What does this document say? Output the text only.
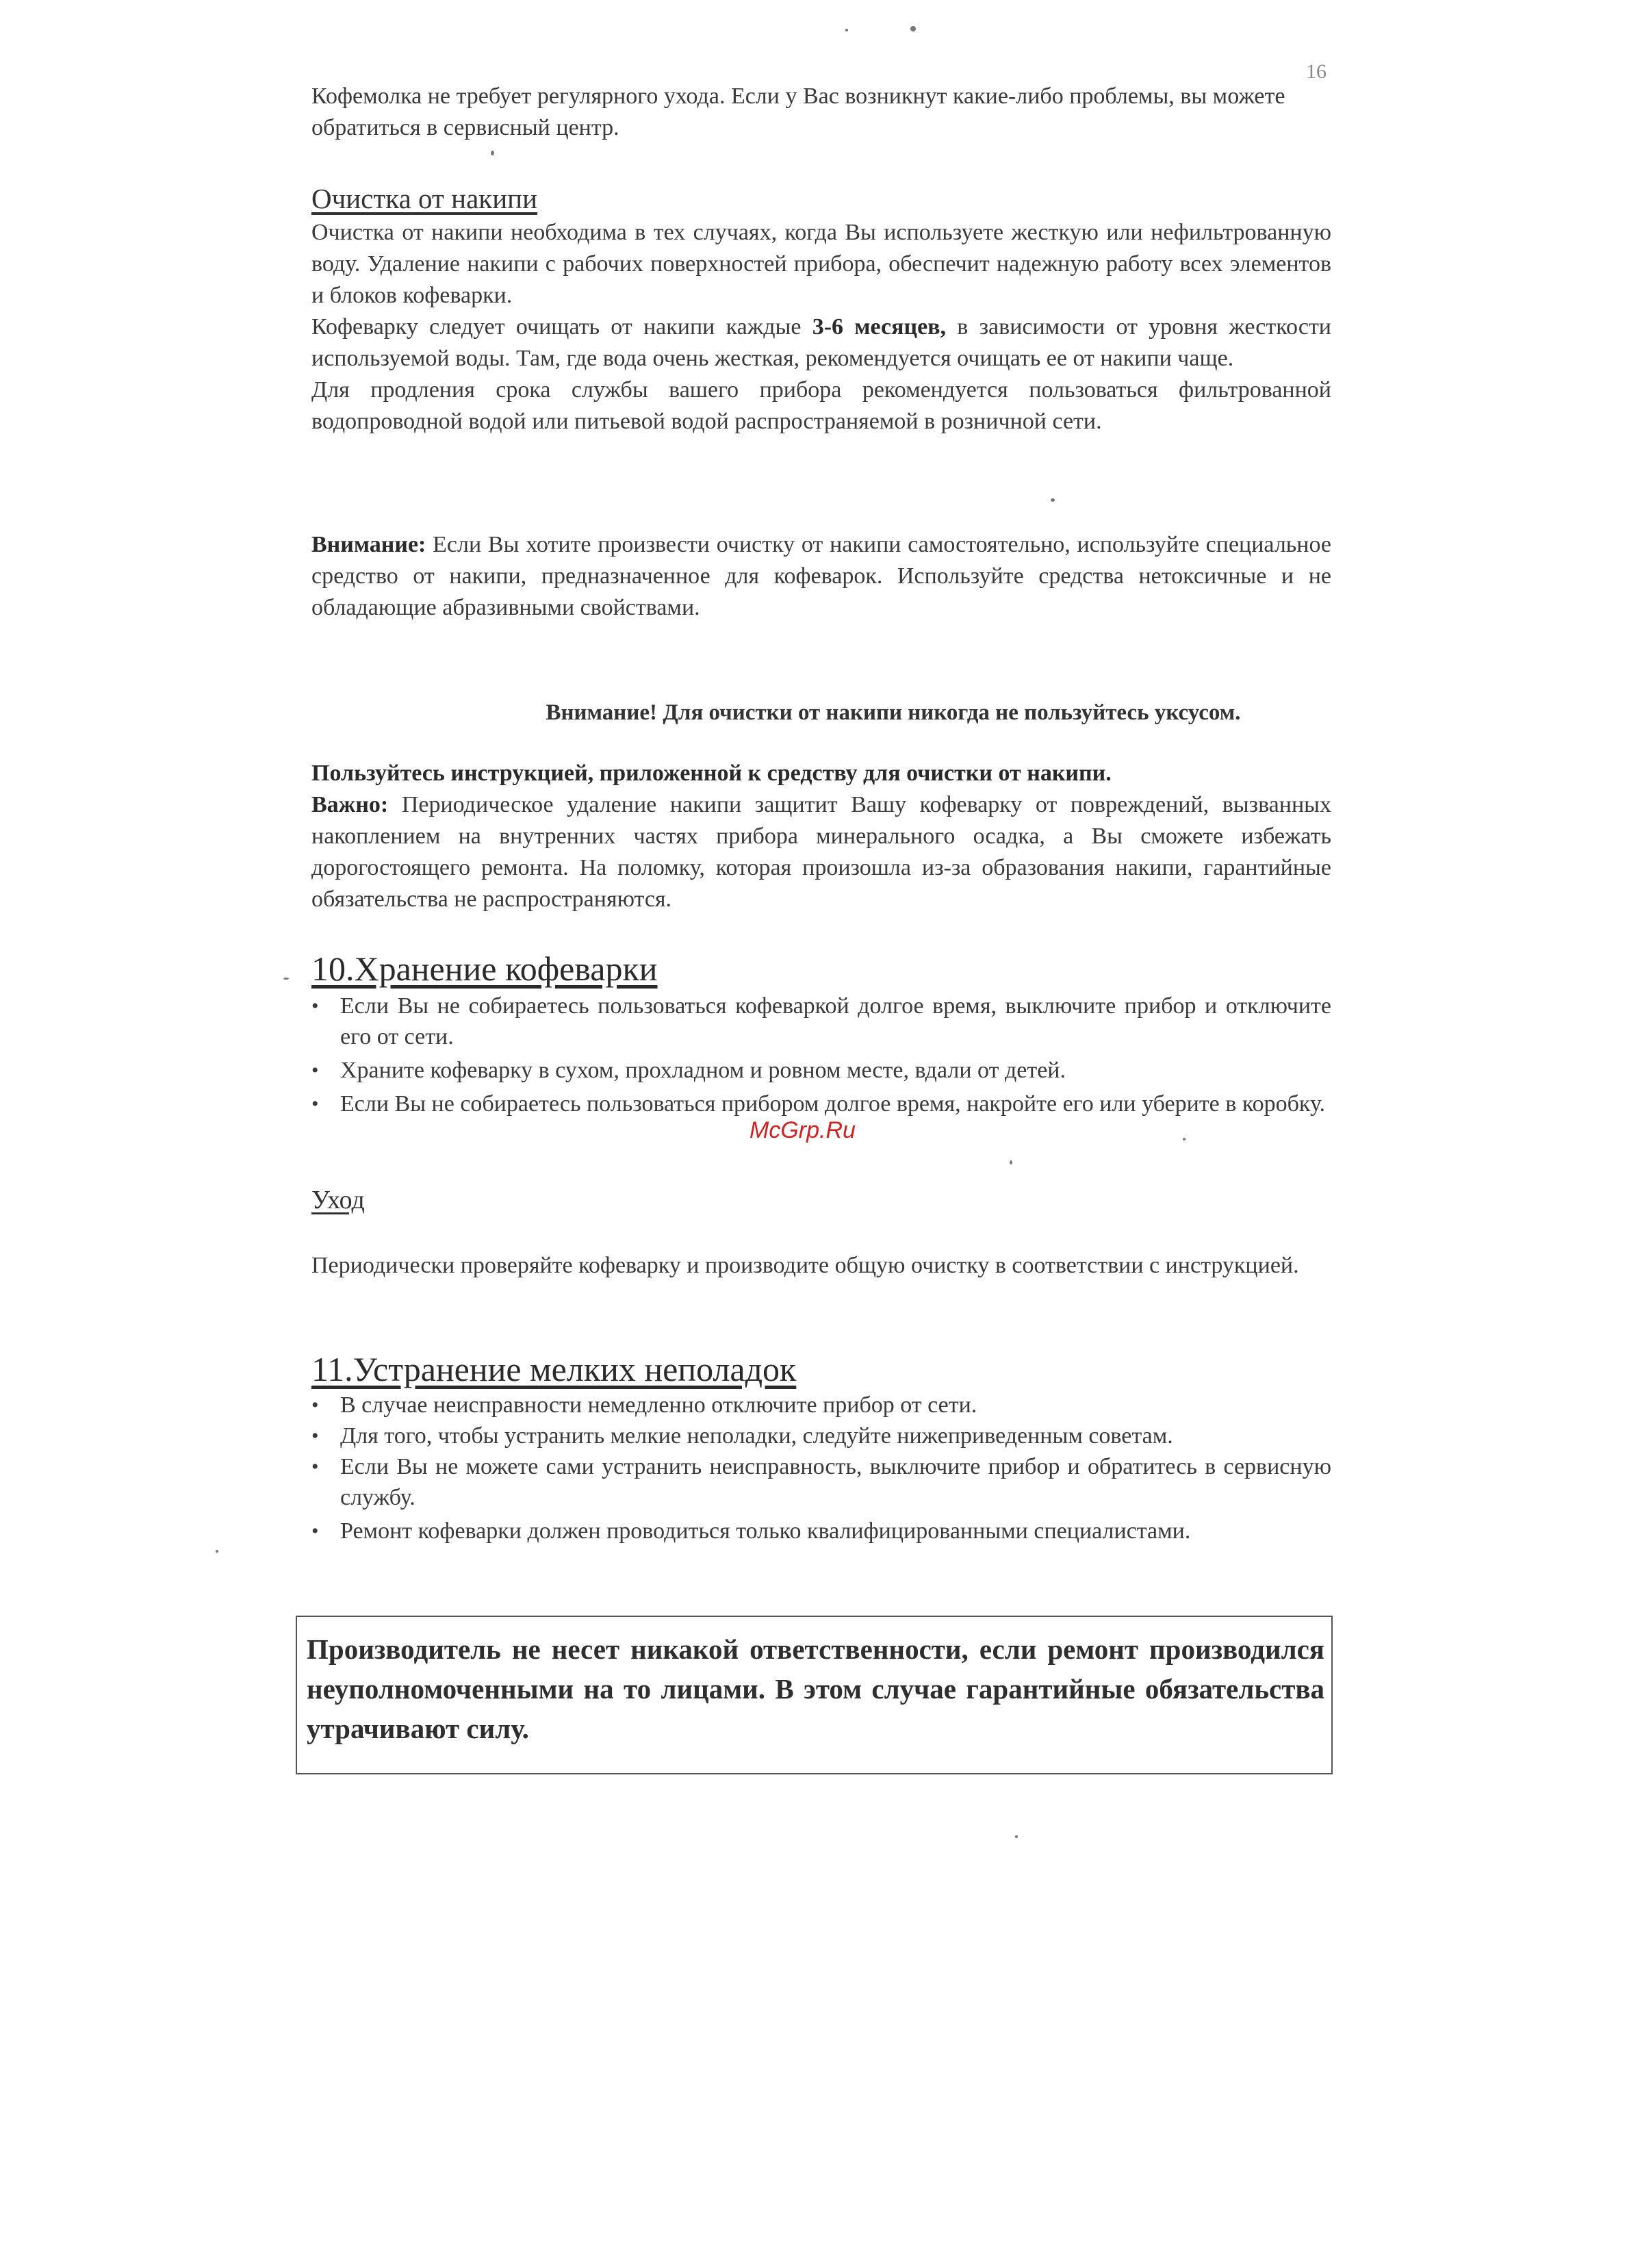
16

Кофемолка не требует регулярного ухода. Если у Вас возникнут какие-либо проблемы, вы можете обратиться в сервисный центр.

Очистка от накипи

Очистка от накипи необходима в тех случаях, когда Вы используете жесткую или нефильтрованную воду. Удаление накипи с рабочих поверхностей прибора, обеспечит надежную работу всех элементов и блоков кофеварки.

Кофеварку следует очищать от накипи каждые 3-6 месяцев, в зависимости от уровня жесткости используемой воды. Там, где вода очень жесткая, рекомендуется очищать ее от накипи чаще.

Для продления срока службы вашего прибора рекомендуется пользоваться фильтрованной водопроводной водой или питьевой водой распространяемой в розничной сети.

Внимание: Если Вы хотите произвести очистку от накипи самостоятельно, используйте специальное средство от накипи, предназначенное для кофеварок. Используйте средства нетоксичные и не обладающие абразивными свойствами.

Внимание! Для очистки от накипи никогда не пользуйтесь уксусом.

Пользуйтесь инструкцией, приложенной к средству для очистки от накипи.

Важно: Периодическое удаление накипи защитит Вашу кофеварку от повреждений, вызванных накоплением на внутренних частях прибора минерального осадка, а Вы сможете избежать дорогостоящего ремонта. На поломку, которая произошла из-за образования накипи, гарантийные обязательства не распространяются.

10.Хранение кофеварки
• Если Вы не собираетесь пользоваться кофеваркой долгое время, выключите прибор и отключите его от сети.
• Храните кофеварку в сухом, прохладном и ровном месте, вдали от детей.
• Если Вы не собираетесь пользоваться прибором долгое время, накройте его или уберите в коробку.
McGrp.Ru
Уход

Периодически проверяйте кофеварку и производите общую очистку в соответствии с инструкцией.

11.Устранение мелких неполадок
• В случае неисправности немедленно отключите прибор от сети.
• Для того, чтобы устранить мелкие неполадки, следуйте нижеприведенным советам.
• Если Вы не можете сами устранить неисправность, выключите прибор и обратитесь в сервисную службу.
• Ремонт кофеварки должен проводиться только квалифицированными специалистами.

Производитель не несет никакой ответственности, если ремонт производился неуполномоченными на то лицами. В этом случае гарантийные обязательства утрачивают силу.
